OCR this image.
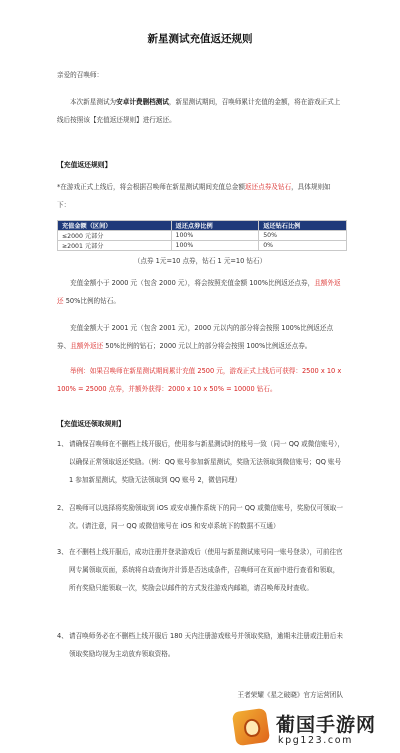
新星测试充值返还规则
亲爱的召唤师：
本次新星测试为安卓计费删档测试，新星测试期间，召唤师累计充值的金额，将在游戏正式上线后按照该【充值返还规则】进行返还。
【充值返还规则】
*在游戏正式上线后，将会根据召唤师在新星测试期间充值总金额返还点券及钻石，具体规则如下：
充值金额（区间）	返还点券比例	返还钻石比例
≤2000 元部分	100%	50%
≥2001 元部分	100%	0%
（点券 1元=10 点券，钻石 1 元=10 钻石）
充值金额小于 2000 元（包含 2000 元），将会按照充值金额 100%比例返还点券，且额外返还 50%比例的钻石。
充值金额大于 2001 元（包含 2001 元），2000 元以内的部分将会按照 100%比例返还点券、且额外返还 50%比例的钻石；2000 元以上的部分将会按照 100%比例返还点券。
举例：如果召唤师在新星测试期间累计充值 2500 元，游戏正式上线后可获得：2500 x 10 x 100% = 25000 点券，并额外获得：2000 x 10 x 50% = 10000 钻石。
【充值返还领取规则】
1、 请确保召唤师在不删档上线开服后，使用参与新星测试时的账号一致（同一 QQ 或微信账号），以确保正常领取返还奖励。（例：QQ 账号参加新星测试，奖励无法领取到微信账号；QQ 账号 1 参加新星测试，奖励无法领取到 QQ 账号 2，微信同理）
2、 召唤师可以选择将奖励领取到 iOS 或安卓操作系统下的同一 QQ 或微信账号，奖励仅可领取一次。(请注意，同一 QQ 或微信账号在 iOS 和安卓系统下的数据不互通）
3、 在不删档上线开服后，成功注册并登录游戏后（使用与新星测试账号同一账号登录），可前往官网专属领取页面，系统将自动查询并计算是否达成条件，召唤师可在页面中进行查看和领取，所有奖励只能领取一次，奖励会以邮件的方式发往游戏内邮箱，请召唤师及时查收。
4、 请召唤师务必在不删档上线开服后 180 天内注册游戏账号并领取奖励，逾期未注册或注册后未领取奖励均视为主动放弃领取资格。
王者荣耀《星之破晓》官方运营团队
葡国手游网
kpg123.com
